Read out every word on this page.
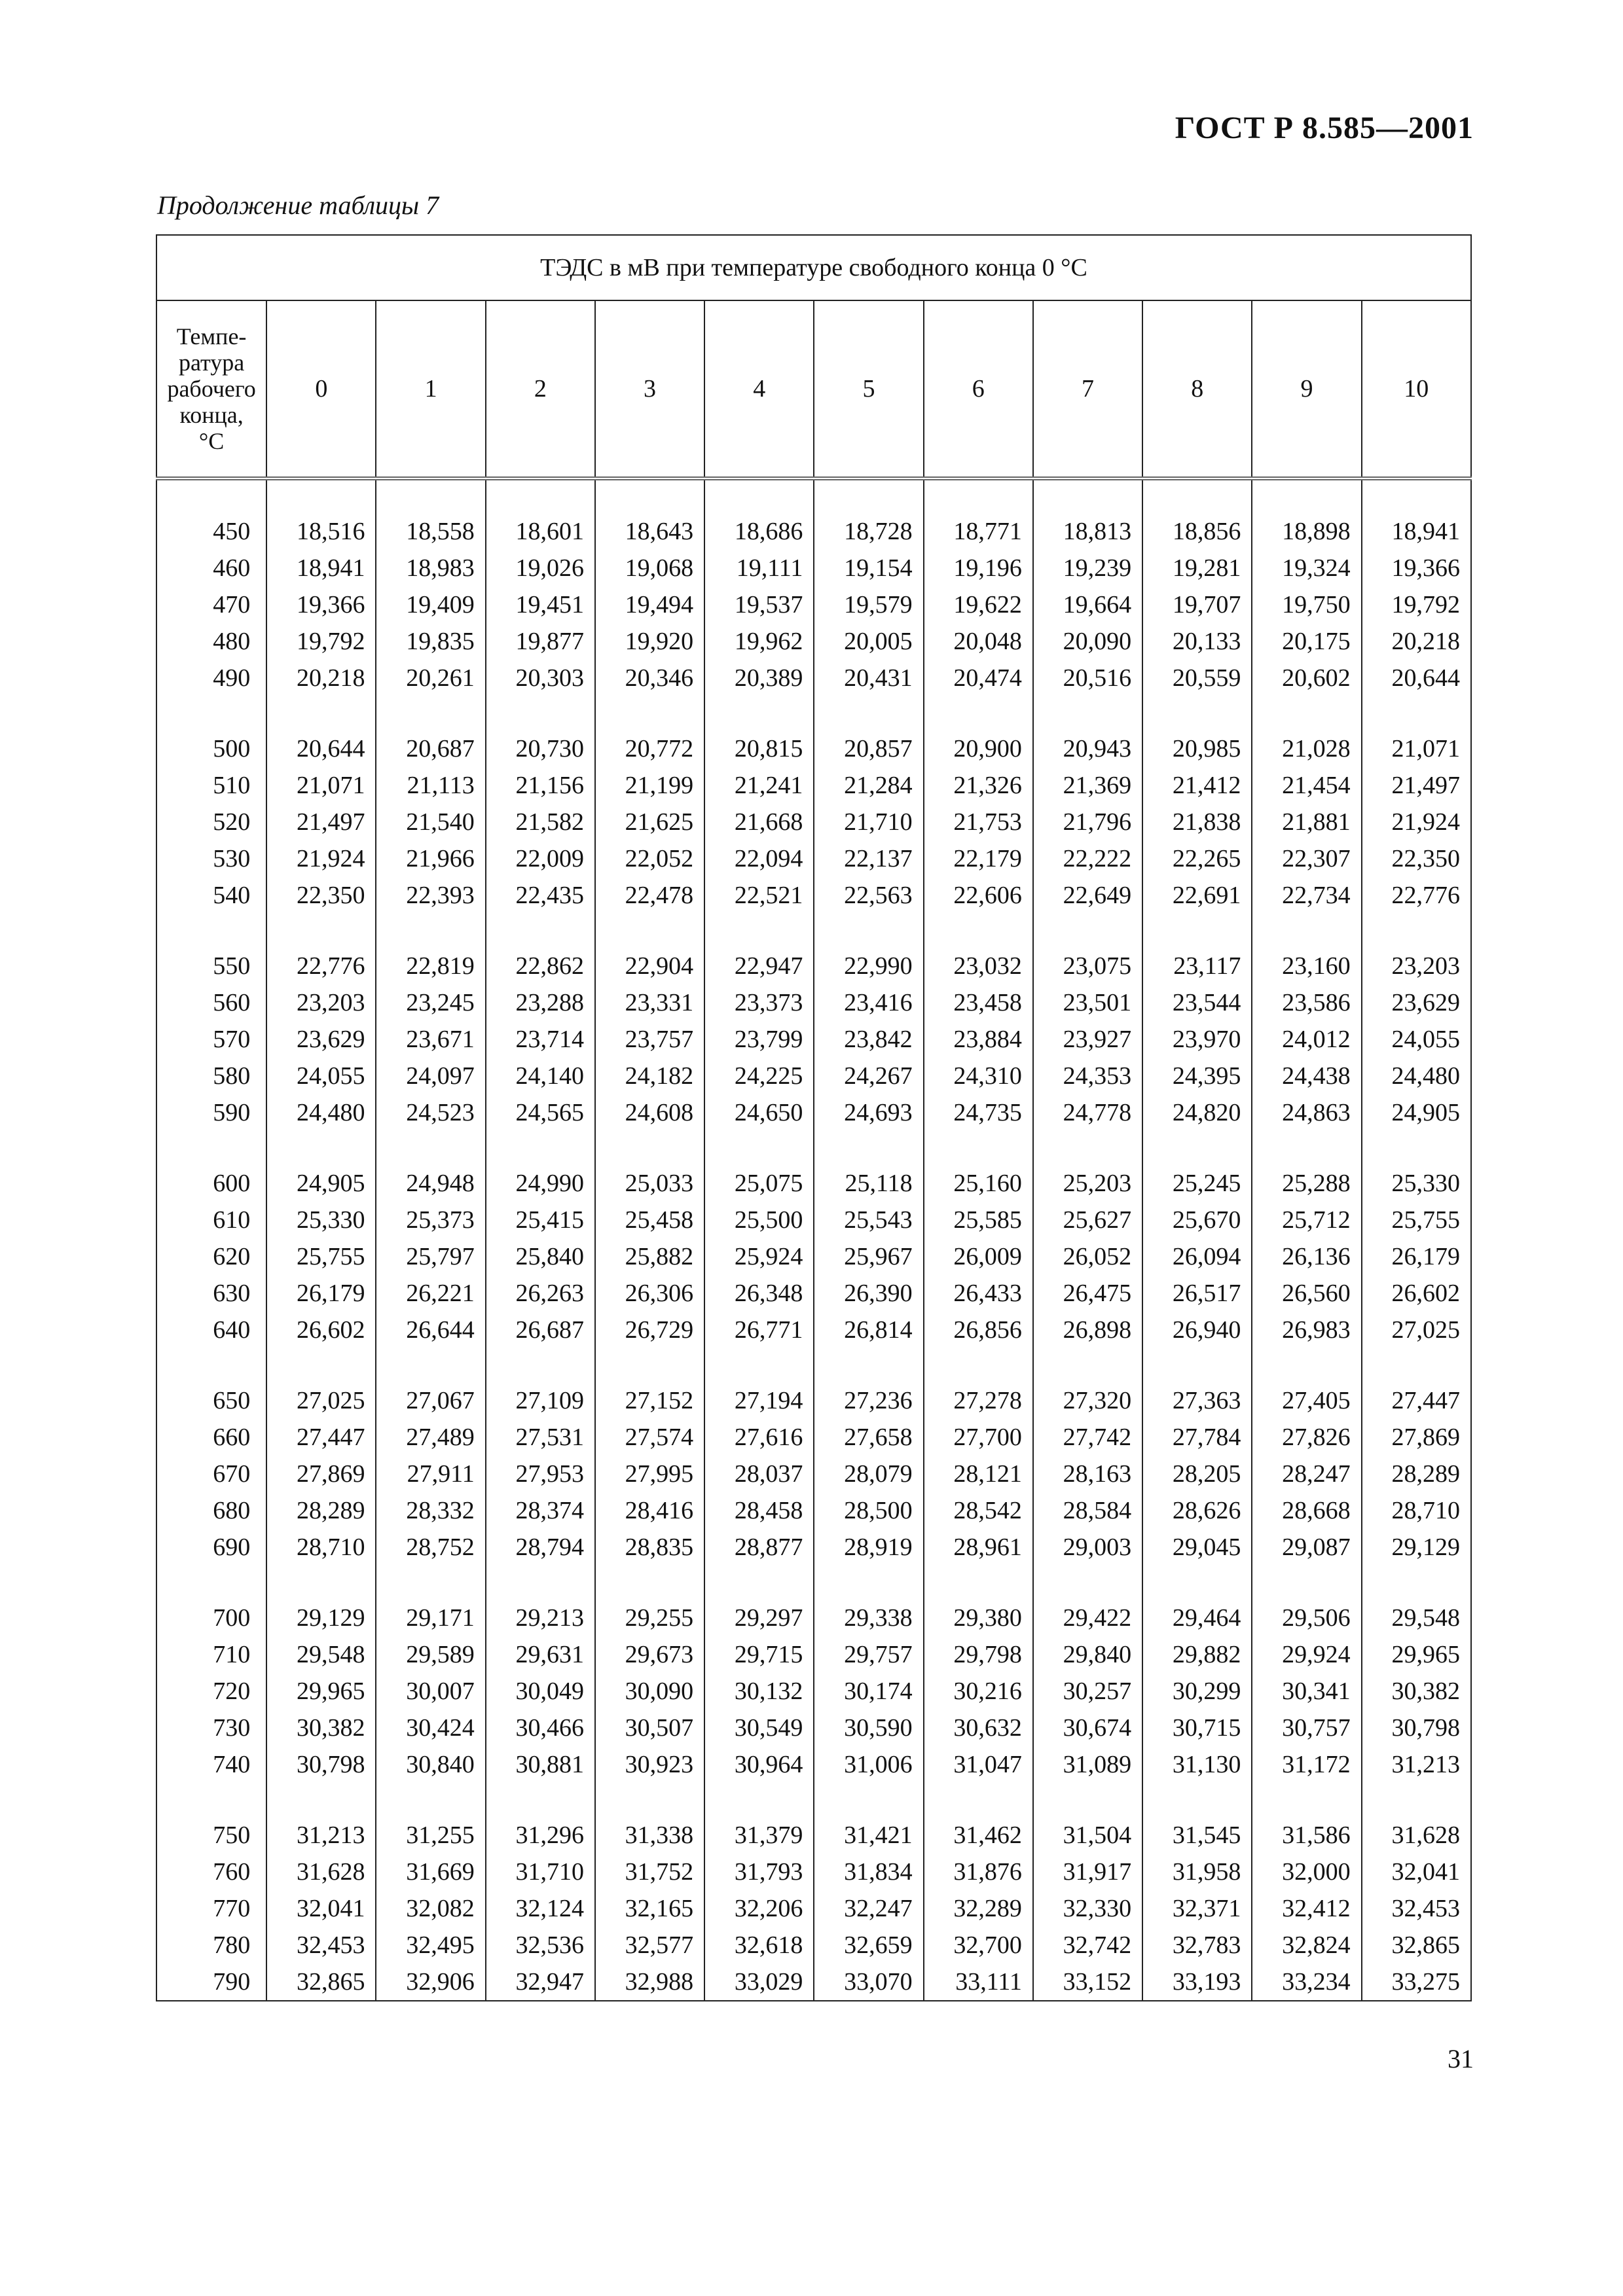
ГОСТ Р 8.585—2001
Продолжение таблицы 7
ТЭДС в мВ при температуре свободного конца 0 °С											

Темпе-
ратура
рабочего
конца,
°С	0	1	2	3	4	5	6	7	8	9	10

450	18,516	18,558	18,601	18,643	18,686	18,728	18,771	18,813	18,856	18,898	18,941
460	18,941	18,983	19,026	19,068	19,111	19,154	19,196	19,239	19,281	19,324	19,366
470	19,366	19,409	19,451	19,494	19,537	19,579	19,622	19,664	19,707	19,750	19,792
480	19,792	19,835	19,877	19,920	19,962	20,005	20,048	20,090	20,133	20,175	20,218
490	20,218	20,261	20,303	20,346	20,389	20,431	20,474	20,516	20,559	20,602	20,644

500	20,644	20,687	20,730	20,772	20,815	20,857	20,900	20,943	20,985	21,028	21,071
510	21,071	21,113	21,156	21,199	21,241	21,284	21,326	21,369	21,412	21,454	21,497
520	21,497	21,540	21,582	21,625	21,668	21,710	21,753	21,796	21,838	21,881	21,924
530	21,924	21,966	22,009	22,052	22,094	22,137	22,179	22,222	22,265	22,307	22,350
540	22,350	22,393	22,435	22,478	22,521	22,563	22,606	22,649	22,691	22,734	22,776

550	22,776	22,819	22,862	22,904	22,947	22,990	23,032	23,075	23,117	23,160	23,203
560	23,203	23,245	23,288	23,331	23,373	23,416	23,458	23,501	23,544	23,586	23,629
570	23,629	23,671	23,714	23,757	23,799	23,842	23,884	23,927	23,970	24,012	24,055
580	24,055	24,097	24,140	24,182	24,225	24,267	24,310	24,353	24,395	24,438	24,480
590	24,480	24,523	24,565	24,608	24,650	24,693	24,735	24,778	24,820	24,863	24,905

600	24,905	24,948	24,990	25,033	25,075	25,118	25,160	25,203	25,245	25,288	25,330
610	25,330	25,373	25,415	25,458	25,500	25,543	25,585	25,627	25,670	25,712	25,755
620	25,755	25,797	25,840	25,882	25,924	25,967	26,009	26,052	26,094	26,136	26,179
630	26,179	26,221	26,263	26,306	26,348	26,390	26,433	26,475	26,517	26,560	26,602
640	26,602	26,644	26,687	26,729	26,771	26,814	26,856	26,898	26,940	26,983	27,025

650	27,025	27,067	27,109	27,152	27,194	27,236	27,278	27,320	27,363	27,405	27,447
660	27,447	27,489	27,531	27,574	27,616	27,658	27,700	27,742	27,784	27,826	27,869
670	27,869	27,911	27,953	27,995	28,037	28,079	28,121	28,163	28,205	28,247	28,289
680	28,289	28,332	28,374	28,416	28,458	28,500	28,542	28,584	28,626	28,668	28,710
690	28,710	28,752	28,794	28,835	28,877	28,919	28,961	29,003	29,045	29,087	29,129

700	29,129	29,171	29,213	29,255	29,297	29,338	29,380	29,422	29,464	29,506	29,548
710	29,548	29,589	29,631	29,673	29,715	29,757	29,798	29,840	29,882	29,924	29,965
720	29,965	30,007	30,049	30,090	30,132	30,174	30,216	30,257	30,299	30,341	30,382
730	30,382	30,424	30,466	30,507	30,549	30,590	30,632	30,674	30,715	30,757	30,798
740	30,798	30,840	30,881	30,923	30,964	31,006	31,047	31,089	31,130	31,172	31,213

750	31,213	31,255	31,296	31,338	31,379	31,421	31,462	31,504	31,545	31,586	31,628
760	31,628	31,669	31,710	31,752	31,793	31,834	31,876	31,917	31,958	32,000	32,041
770	32,041	32,082	32,124	32,165	32,206	32,247	32,289	32,330	32,371	32,412	32,453
780	32,453	32,495	32,536	32,577	32,618	32,659	32,700	32,742	32,783	32,824	32,865
790	32,865	32,906	32,947	32,988	33,029	33,070	33,111	33,152	33,193	33,234	33,275
31
